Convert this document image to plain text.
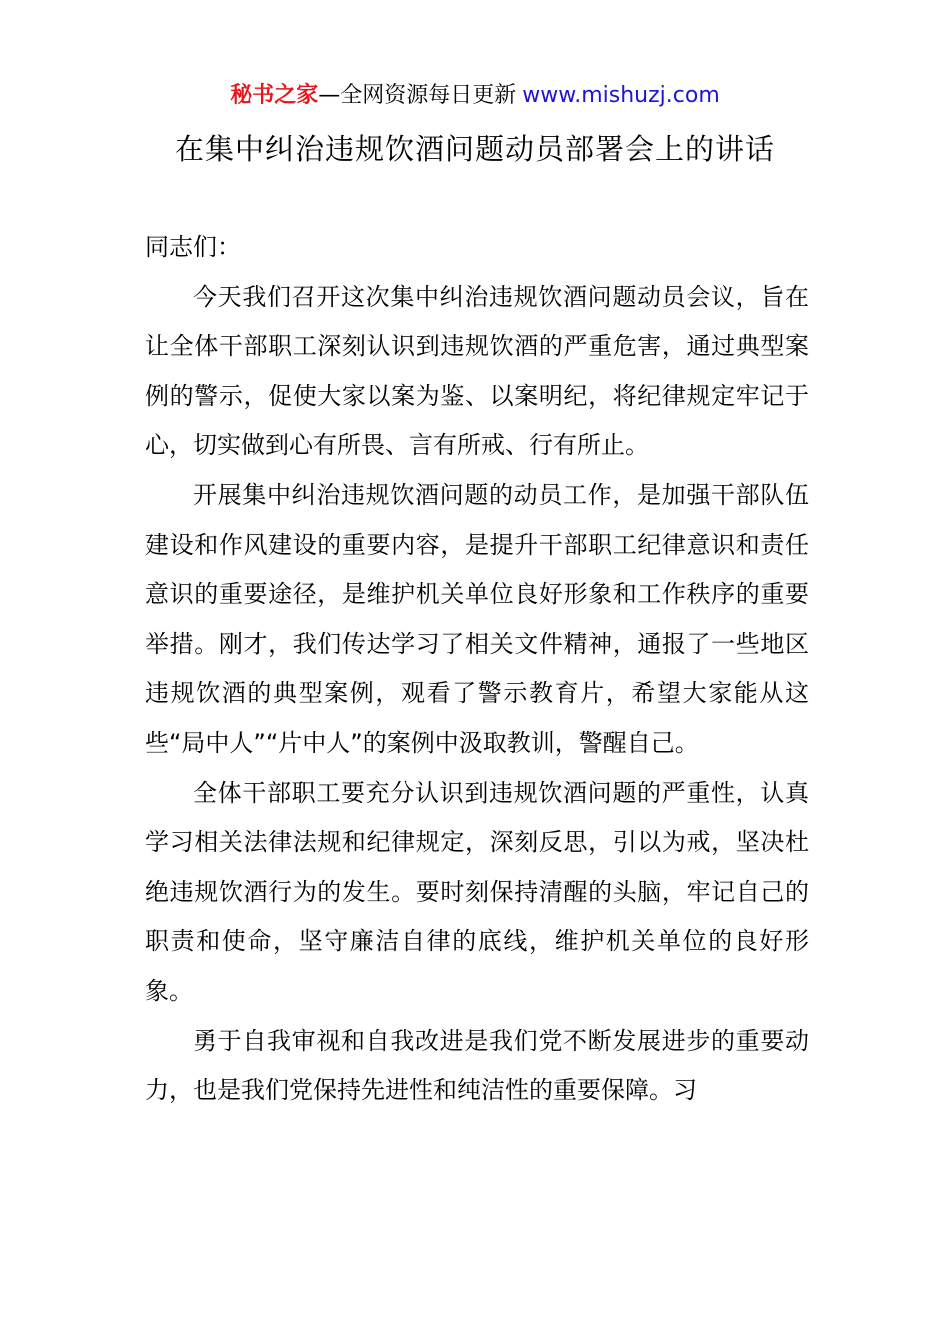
秘书之家—全网资源每日更新 www.mishuzj.com
在集中纠治违规饮酒问题动员部署会上的讲话

同志们：

今天我们召开这次集中纠治违规饮酒问题动员会议，旨在让全体干部职工深刻认识到违规饮酒的严重危害，通过典型案例的警示，促使大家以案为鉴、以案明纪，将纪律规定牢记于心，切实做到心有所畏、言有所戒、行有所止。

开展集中纠治违规饮酒问题的动员工作，是加强干部队伍建设和作风建设的重要内容，是提升干部职工纪律意识和责任意识的重要途径，是维护机关单位良好形象和工作秩序的重要举措。刚才，我们传达学习了相关文件精神，通报了一些地区违规饮酒的典型案例，观看了警示教育片，希望大家能从这些“局中人”“片中人”的案例中汲取教训，警醒自己。

全体干部职工要充分认识到违规饮酒问题的严重性，认真学习相关法律法规和纪律规定，深刻反思，引以为戒，坚决杜绝违规饮酒行为的发生。要时刻保持清醒的头脑，牢记自己的职责和使命，坚守廉洁自律的底线，维护机关单位的良好形象。

勇于自我审视和自我改进是我们党不断发展进步的重要动力，也是我们党保持先进性和纯洁性的重要保障。习
